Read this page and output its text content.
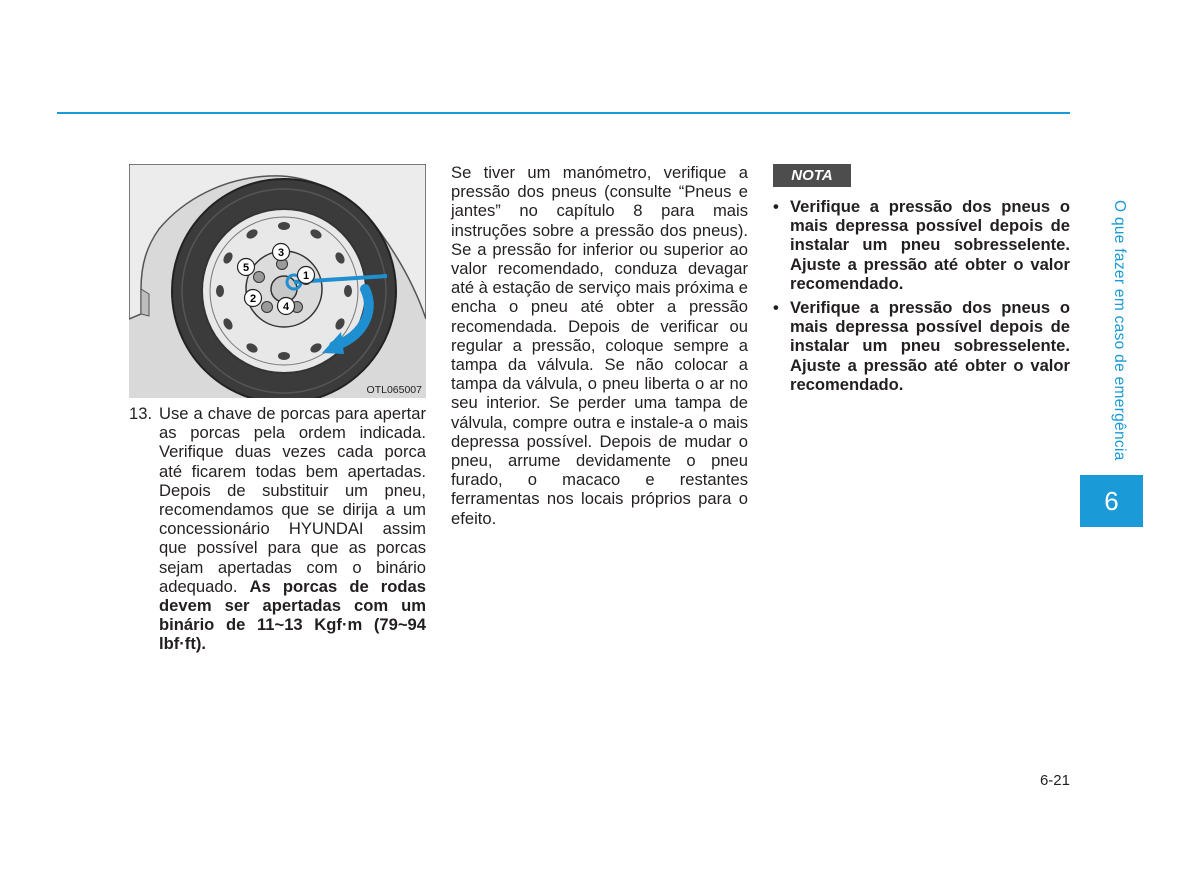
1
2
3
4
5
OTL065007
13. Use a chave de porcas para apertar as porcas pela ordem indicada. Verifique duas vezes cada porca até ficarem todas bem apertadas. Depois de substituir um pneu, recomendamos que se dirija a um concessionário HYUNDAI assim que possível para que as porcas sejam apertadas com o binário adequado. As porcas de rodas devem ser apertadas com um binário de 11~13 Kgf·m (79~94 lbf·ft).
Se tiver um manómetro, verifique a pressão dos pneus (consulte “Pneus e jantes” no capítulo 8 para mais instruções sobre a pressão dos pneus). Se a pressão for inferior ou superior ao valor recomendado, conduza devagar até à estação de serviço mais próxima e encha o pneu até obter a pressão recomendada. Depois de verificar ou regular a pressão, coloque sempre a tampa da válvula. Se não colocar a tampa da válvula, o pneu liberta o ar no seu interior. Se perder uma tampa de válvula, compre outra e instale-a o mais depressa possível. Depois de mudar o pneu, arrume devidamente o pneu furado, o macaco e restantes ferramentas nos locais próprios para o efeito.
NOTA
• Verifique a pressão dos pneus o mais depressa possível depois de instalar um pneu sobresselente. Ajuste a pressão até obter o valor recomendado.
• Verifique a pressão dos pneus o mais depressa possível depois de instalar um pneu sobresselente. Ajuste a pressão até obter o valor recomendado.	O que fazer em caso de emergência
6
6-21
